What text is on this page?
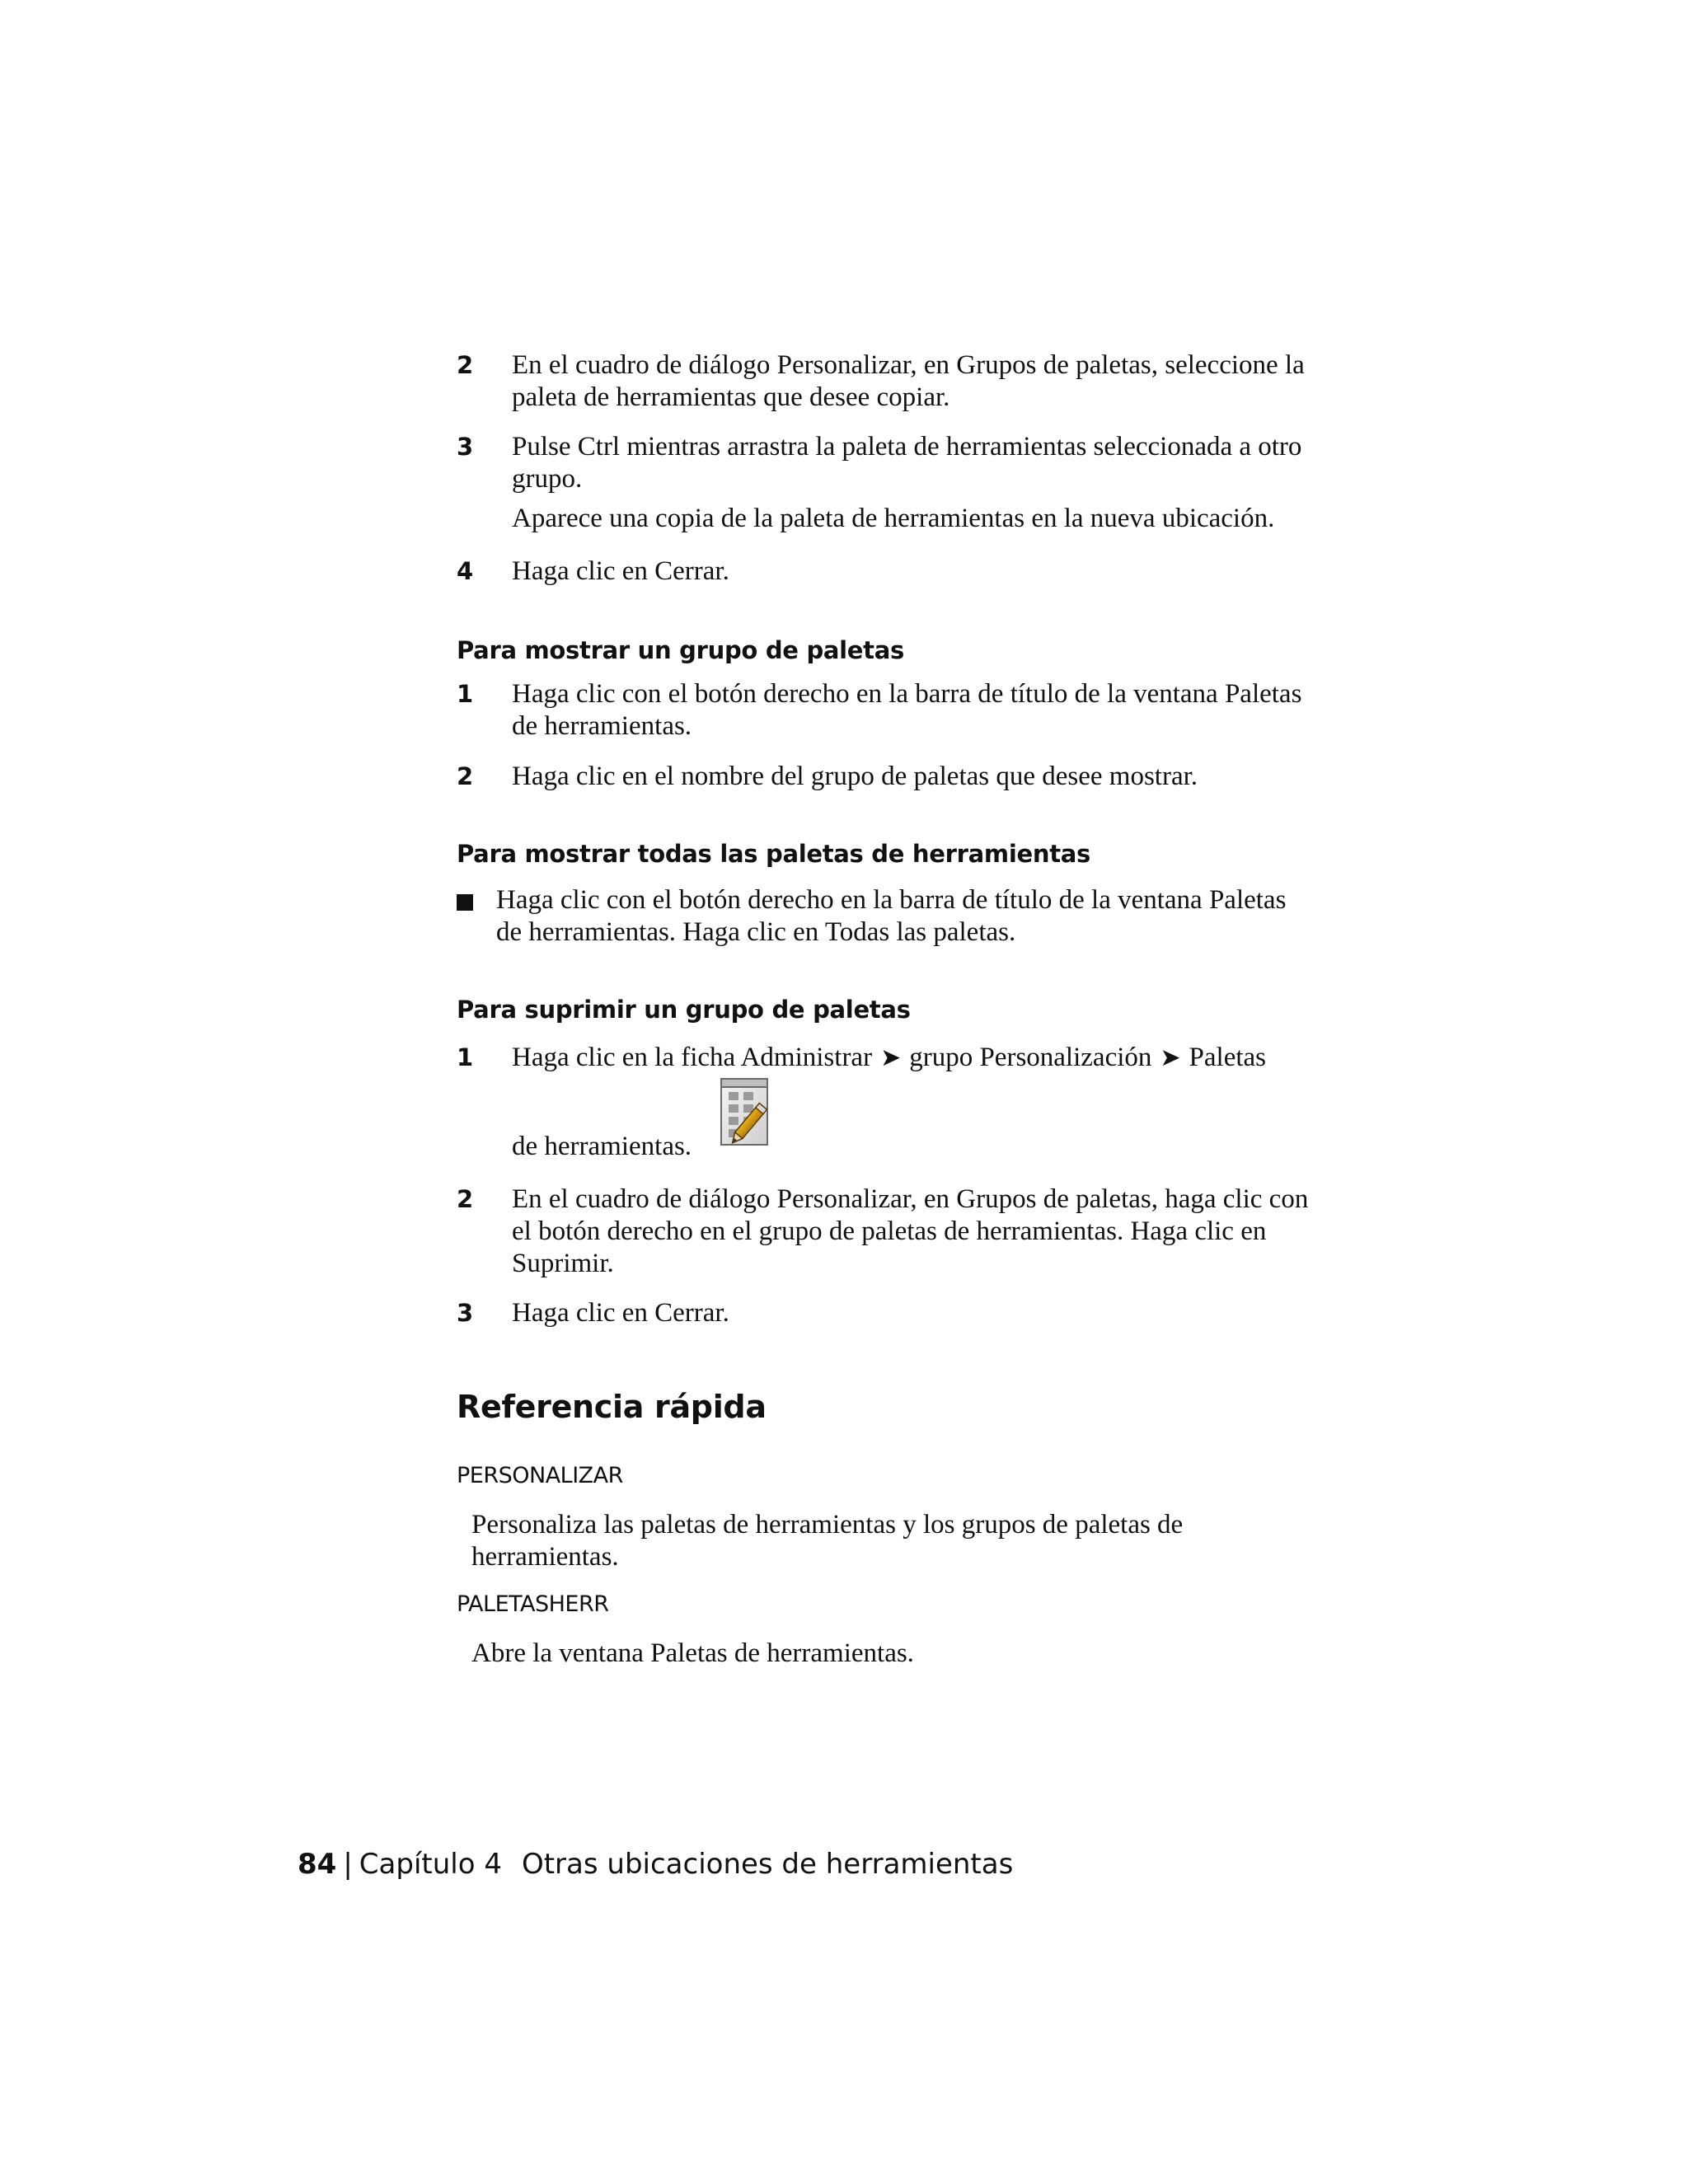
2	En el cuadro de diálogo Personalizar, en Grupos de paletas, seleccione la
paleta de herramientas que desee copiar.
3	Pulse Ctrl mientras arrastra la paleta de herramientas seleccionada a otro
grupo.
Aparece una copia de la paleta de herramientas en la nueva ubicación.
4	Haga clic en Cerrar.
Para mostrar un grupo de paletas
1	Haga clic con el botón derecho en la barra de título de la ventana Paletas
de herramientas.
2	Haga clic en el nombre del grupo de paletas que desee mostrar.
Para mostrar todas las paletas de herramientas
Haga clic con el botón derecho en la barra de título de la ventana Paletas
de herramientas. Haga clic en Todas las paletas.
Para suprimir un grupo de paletas
1	Haga clic en la ficha Administrar ➤ grupo Personalización ➤ Paletas
de herramientas.
2	En el cuadro de diálogo Personalizar, en Grupos de paletas, haga clic con
el botón derecho en el grupo de paletas de herramientas. Haga clic en
Suprimir.
3	Haga clic en Cerrar.
Referencia rápida
PERSONALIZAR
Personaliza las paletas de herramientas y los grupos de paletas de
herramientas.
PALETASHERR
Abre la ventana Paletas de herramientas.
84 | Capítulo 4 Otras ubicaciones de herramientas
